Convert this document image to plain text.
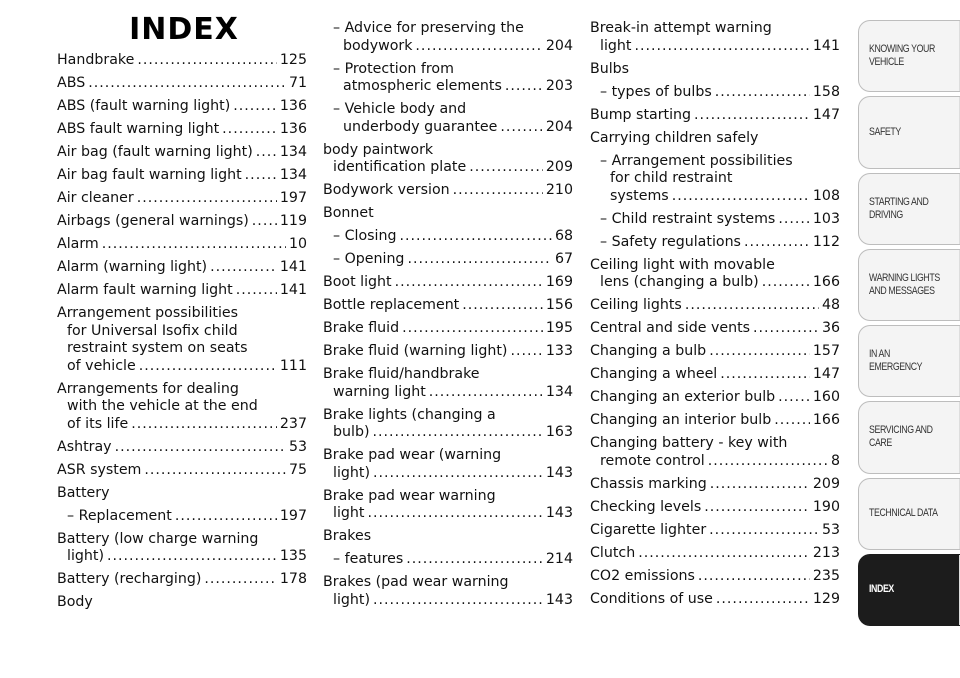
INDEX
Handbrake .....	125
ABS .....	71
ABS (fault warning light) .....	136
ABS fault warning light .....	136
Air bag (fault warning light) ..... 134
Air bag fault warning light .....	134
Air cleaner .....	197
Airbags (general warnings) ..... 119
Alarm .....	10
Alarm (warning light) .....	141
Alarm fault warning light .....	141
Arrangement possibilities
for Universal Isofix child
restraint system on seats
of vehicle .....	111
Arrangements for dealing
with the vehicle at the end
of its life .....	237
Ashtray .....	53
ASR system .....	75
Battery
– Replacement .....	197
Battery (low charge warning
light) .....	135
Battery (recharging) .....	178
Body
– Advice for preserving the
bodywork .....	204
– Protection from
atmospheric elements .....	203
– Vehicle body and
underbody guarantee .....	204
body paintwork
identification plate .....	209
Bodywork version .....	210
Bonnet
– Closing .....	68
– Opening .....	67
Boot light .....	169
Bottle replacement .....	156
Brake fluid .....	195
Brake fluid (warning light) .....	133
Brake fluid/handbrake
warning light .....	134
Brake lights (changing a
bulb) .....	163
Brake pad wear (warning
light) .....	143
Brake pad wear warning
light .....	143
Brakes
– features .....	214
Brakes (pad wear warning
light) .....	143
Break-in attempt warning
light .....	141
Bulbs
– types of bulbs .....	158
Bump starting .....	147
Carrying children safely
– Arrangement possibilities
for child restraint
systems .....	108
– Child restraint systems .....	103
– Safety regulations .....	112
Ceiling light with movable
lens (changing a bulb) .....	166
Ceiling lights .....	48
Central and side vents .....	36
Changing a bulb .....	157
Changing a wheel .....	147
Changing an exterior bulb .....	160
Changing an interior bulb .....	166
Changing battery - key with
remote control .....	8
Chassis marking .....	209
Checking levels .....	190
Cigarette lighter .....	53
Clutch .....	213
CO2 emissions .....	235
Conditions of use .....	129
KNOWING YOUR
VEHICLE
SAFETY
STARTING AND
DRIVING
WARNING LIGHTS
AND MESSAGES
IN AN EMERGENCY
SERVICING AND
CARE
TECHNICAL DATA
INDEX
